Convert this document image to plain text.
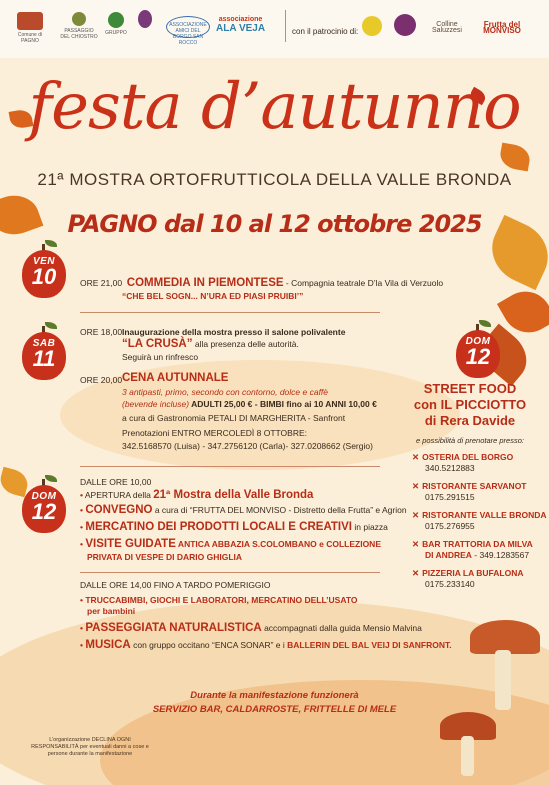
Comune di PAGNO
PASSAGGIO DEL CHIOSTRO
GRUPPO
ASSOCIAZIONE AMICI DEL BORGO SAN ROCCO
associazione
ALA VEJA	con il patrocinio di:
Colline Saluzzesi
Frutta del MONVISO
festa d’autunno
21ª MOSTRA ORTOFRUTTICOLA DELLA VALLE BRONDA
PAGNO dal 10 al 12 ottobre 2025
VEN
10
SAB
11
DOM
12
DOM
12
ORE 21,00 COMMEDIA IN PIEMONTESE - Compagnia teatrale D’la Vila di Verzuolo
“CHE BEL SOGN... N’URA ED PIASI PRUIBI’”
ORE 18,00 Inaugurazione della mostra presso il salone polivalente
“LA CRUSÀ” alla presenza delle autorità.
Seguirà un rinfresco
ORE 20,00 CENA AUTUNNALE
3 antipasti, primo, secondo con contorno, dolce e caffè
(bevende incluse) ADULTI 25,00 € - BIMBI fino ai 10 ANNI 10,00 €
a cura di Gastronomia PETALI DI MARGHERITA - Sanfront
Prenotazioni ENTRO MERCOLEDÌ 8 OTTOBRE:
342.5168570 (Luisa) - 347.2756120 (Carla)- 327.0208662 (Sergio)
DALLE ORE 10,00
• APERTURA della 21ª Mostra della Valle Bronda
• CONVEGNO a cura di “FRUTTA DEL MONVISO - Distretto della Frutta” e Agrion
• MERCATINO DEI PRODOTTI LOCALI E CREATIVI in piazza
• VISITE GUIDATE ANTICA ABBAZIA S.COLOMBANO e COLLEZIONE
PRIVATA DI VESPE DI DARIO GHIGLIA
DALLE ORE 14,00 FINO A TARDO POMERIGGIO
• TRUCCABIMBI, GIOCHI E LABORATORI, MERCATINO DELL’USATO
per bambini
• PASSEGGIATA NATURALISTICA accompagnati dalla guida Mensio Malvina
• MUSICA con gruppo occitano “ENCA SONAR” e i BALLERIN DEL BAL VEIJ DI SANFRONT.
STREET FOOD
con IL PICCIOTTO
di Rera Davide
e possibilità di prenotare presso:
✕ OSTERIA DEL BORGO
340.5212883
✕ RISTORANTE SARVANOT
0175.291515
✕ RISTORANTE VALLE BRONDA
0175.276955
✕ BAR TRATTORIA DA MILVA
DI ANDREA - 349.1283567
✕ PIZZERIA LA BUFALONA
0175.233140
Durante la manifestazione funzionerà
SERVIZIO BAR, CALDARROSTE, FRITTELLE DI MELE
L’organizzazione DECLINA OGNI RESPONSABILITÀ per eventuali danni a cose e persone durante la manifestazione
